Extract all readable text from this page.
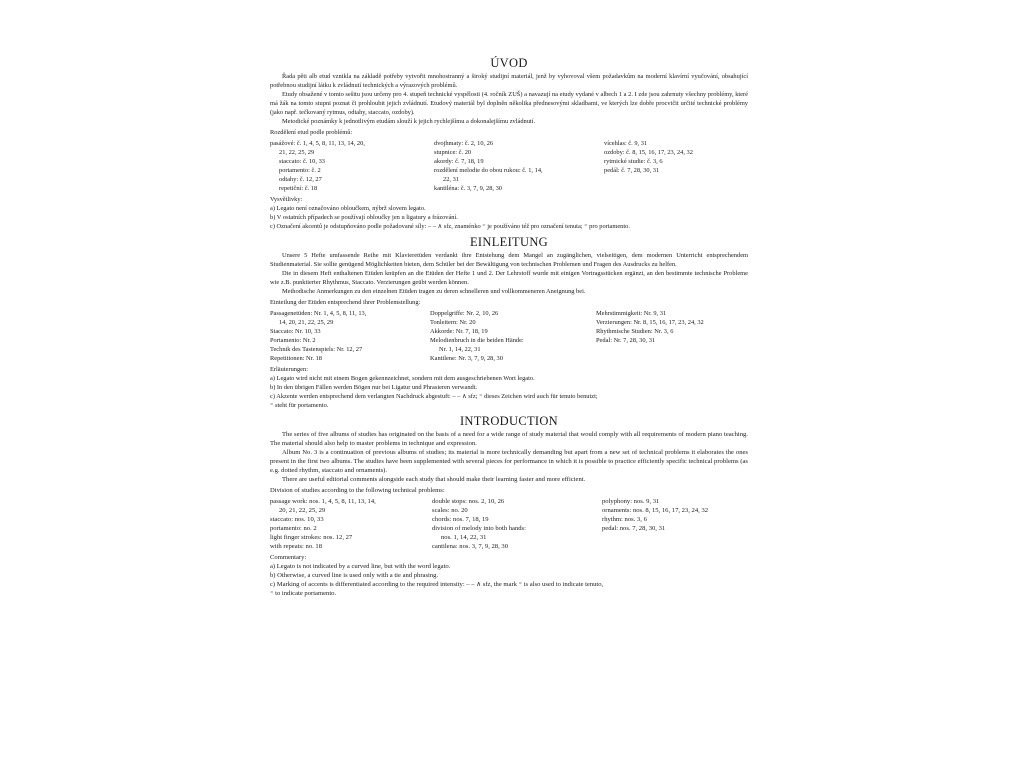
ÚVOD

Řada pěti alb etud vznikla na základě potřeby vytvořit mnohostranný a široký studijní materiál, jenž by vyhovoval všem požadavkům na moderní klavírní vyučování, obsahující potřebnou studijní látku k zvládnutí technických a výrazových problémů.

Etudy obsažené v tomto sešitu jsou určeny pro 4. stupeň technické vyspělosti (4. ročník ZUŠ) a navazují na etudy vydané v albech 1 a 2. I zde jsou zahrnuty všechny problémy, které má žák na tomto stupni poznat či prohloubit jejich zvládnutí. Etudový materiál byl doplněn několika přednesovými skladbami, ve kterých lze dobře procvičit určité technické problémy (jako např. tečkovaný rytmus, odtahy, staccato, ozdoby).

Metodické poznámky k jednotlivým etudám slouží k jejich rychlejšímu a dokonalejšímu zvládnutí.

Rozdělení etud podle problémů:
pasážové: č. 1, 4, 5, 8, 11, 13, 14, 20,
21, 22, 25, 29
staccato: č. 10, 33
portamento: č. 2
odtahy: č. 12, 27
repetiční: č. 18
dvojhmaty: č. 2, 10, 26
stupnice: č. 20
akordy: č. 7, 18, 19
rozdělení melodie do obou rukou: č. 1, 14,
22, 31
kantiléna: č. 3, 7, 9, 28, 30
vícehlas: č. 9, 31
ozdoby: č. 8, 15, 16, 17, 23, 24, 32
rytmické studie: č. 3, 6
pedál: č. 7, 28, 30, 31
Vysvětlivky:
a) Legato není označováno obloučkem, nýbrž slovem legato.
b) V ostatních případech se používají obloučky jen u ligatury a frázování.
c) Označení akcentů je odstupňováno podle požadované síly: – – ∧ sfz, znaménko ⁼ je používáno též pro označení tenuta; ⁼ pro portamento.
EINLEITUNG

Unsere 5 Hefte umfassende Reihe mit Klavieretüden verdankt ihre Entstehung dem Mangel an zugänglichen, vielseitigen, dem modernen Unterricht entsprechendem Studienmaterial. Sie sollte genügend Möglichkeiten bieten, dem Schüler bei der Bewältigung von technischen Problemen und Fragen des Ausdrucks zu helfen.

Die in diesem Heft enthaltenen Etüden knüpfen an die Etüden der Hefte 1 und 2. Der Lehrstoff wurde mit einigen Vortragsstücken ergänzt, an den bestimmte technische Probleme wie z.B. punktierter Rhythmus, Staccato. Verzierungen geübt werden können.

Methodische Anmerkungen zu den einzelnen Etüden tragen zu deren schnelleren und vollkommeneren Aneignung bei.

Einteilung der Etüden entsprechend ihrer Problemstellung:
Passagenetüden: Nr. 1, 4, 5, 8, 11, 13,
14, 20, 21, 22, 25, 29
Staccato: Nr. 10, 33
Portamento: Nr. 2
Technik des Tastenspiels: Nr. 12, 27
Repetitionen: Nr. 18
Doppelgriffe: Nr. 2, 10, 26
Tonleitern: Nr. 20
Akkorde: Nr. 7, 18, 19
Melodienbruch in die beiden Hände:
Nr. 1, 14, 22, 31
Kantilene: Nr. 3, 7, 9, 28, 30
Mehrstimmigkeit: Nr. 9, 31
Verzierungen: Nr. 8, 15, 16, 17, 23, 24, 32
Rhythmische Studien: Nr. 3, 6
Pedal: Nr. 7, 28, 30, 31
Erläuterungen:
a) Legato wird nicht mit einem Bogen gekennzeichnet, sondern mit dem ausgeschriebenen Wort legato.
b) In den übrigen Fällen werden Bögen nur bei Ligatur und Phrasieren verwandt.
c) Akzente werden entsprechend dem verlangten Nachdruck abgestuft: – – ∧ sfz; ⁼ dieses Zeichen wird auch für tenuto benutzt;
⁼ steht für portamento.
INTRODUCTION

The series of five albums of studies has originated on the basis of a need for a wide range of study material that would comply with all requirements of modern piano teaching. The material should also help to master problems in technique and expression.

Album No. 3 is a continuation of previous albums of studies; its material is more technically demanding but apart from a new set of technical problems it elaborates the ones present in the first two albums. The studies have been supplemented with several pieces for performance in which it is possible to practice efficiently specific technical problems (as e.g. dotted rhythm, staccato and ornaments).

There are useful editorial comments alongside each study that should make their learning faster and more efficient.

Division of studies according to the following technical problems:
passage work: nos. 1, 4, 5, 8, 11, 13, 14,
20, 21, 22, 25, 29
staccato: nos. 10, 33
portamento: no. 2
light finger strokes: nos. 12, 27
with repeats: no. 18
double stops: nos. 2, 10, 26
scales: no. 20
chords: nos. 7, 18, 19
division of melody into both hands:
nos. 1, 14, 22, 31
cantilena: nos. 3, 7, 9, 28, 30
polyphony: nos. 9, 31
ornaments: nos. 8, 15, 16, 17, 23, 24, 32
rhythm: nos. 3, 6
pedal: nos. 7, 28, 30, 31
Commentary:
a) Legato is not indicated by a curved line, but with the word legato.
b) Otherwise, a curved line is used only with a tie and phrasing.
c) Marking of accents is differentiated according to the required intensity: – – ∧ sfz, the mark ⁼ is also used to indicate tenuto,
⁼ to indicate portamento.
